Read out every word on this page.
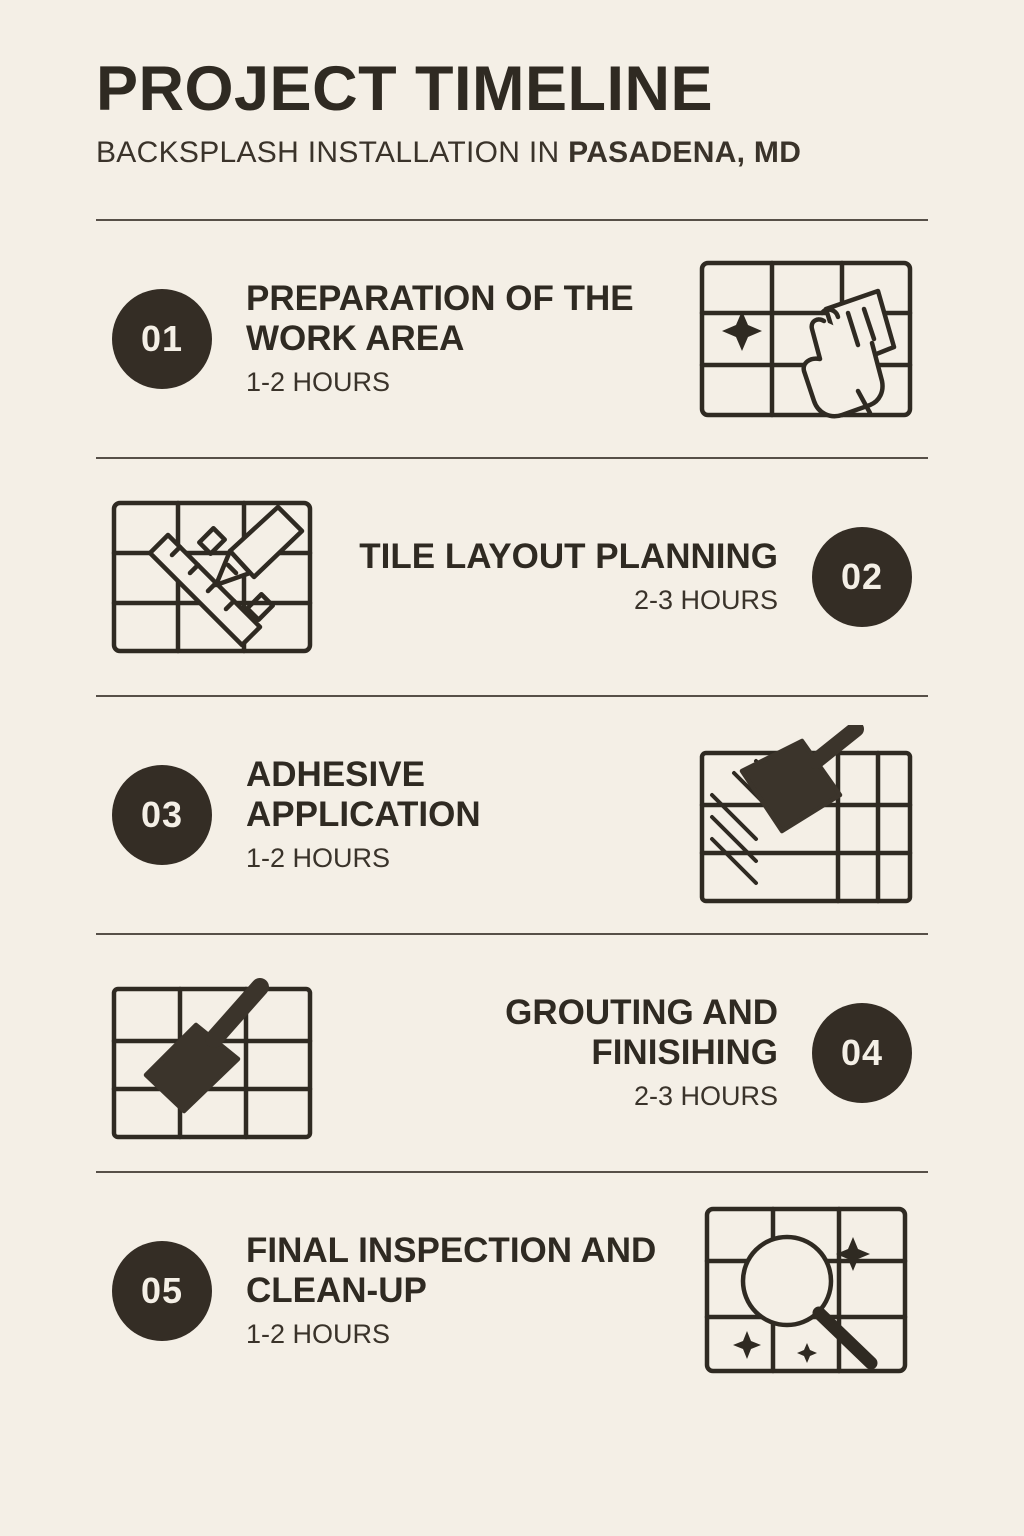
PROJECT TIMELINE

BACKSPLASH INSTALLATION IN PASADENA, MD

01
PREPARATION OF THE WORK AREA
1-2 HOURS
TILE LAYOUT PLANNING
2-3 HOURS
02
03
ADHESIVE APPLICATION
1-2 HOURS
GROUTING AND FINISIHING
2-3 HOURS
04
05
FINAL INSPECTION AND CLEAN-UP
1-2 HOURS
